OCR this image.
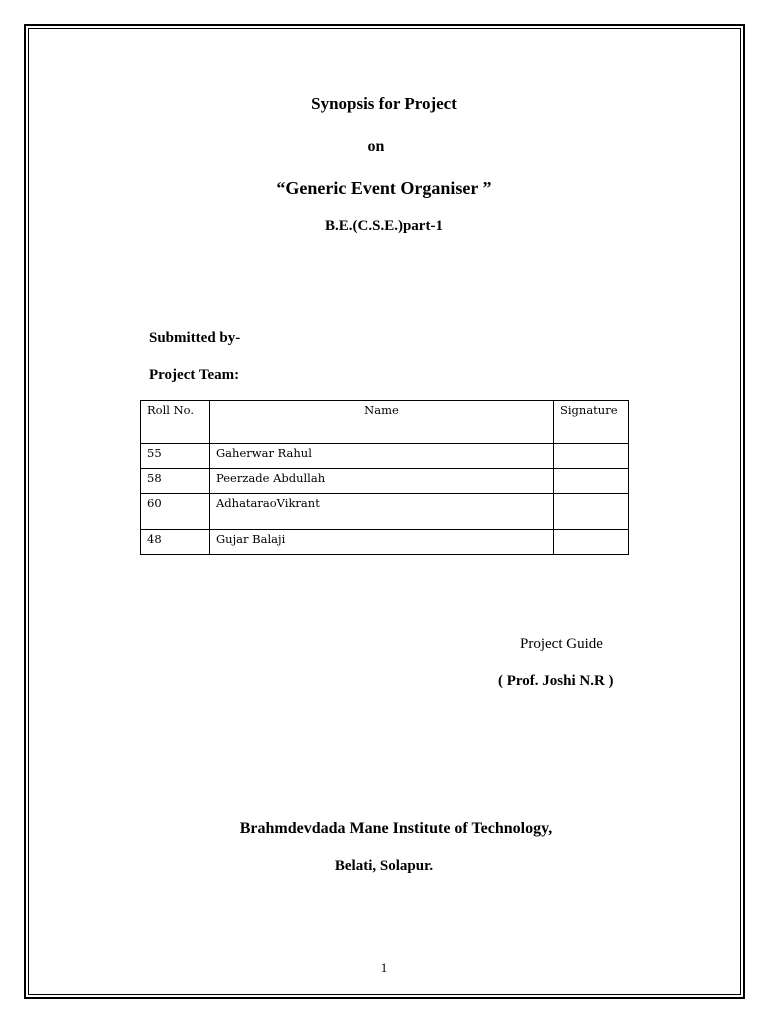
Synopsis for Project
on
“Generic Event Organiser ”
B.E.(C.S.E.)part-1
Submitted by-
Project Team:
Roll No.	Name	Signature
55	Gaherwar Rahul	
58	Peerzade Abdullah	
60	AdhataraoVikrant	
48	Gujar Balaji	
Project Guide
( Prof. Joshi N.R )
Brahmdevdada Mane Institute of Technology,
Belati, Solapur.
1
